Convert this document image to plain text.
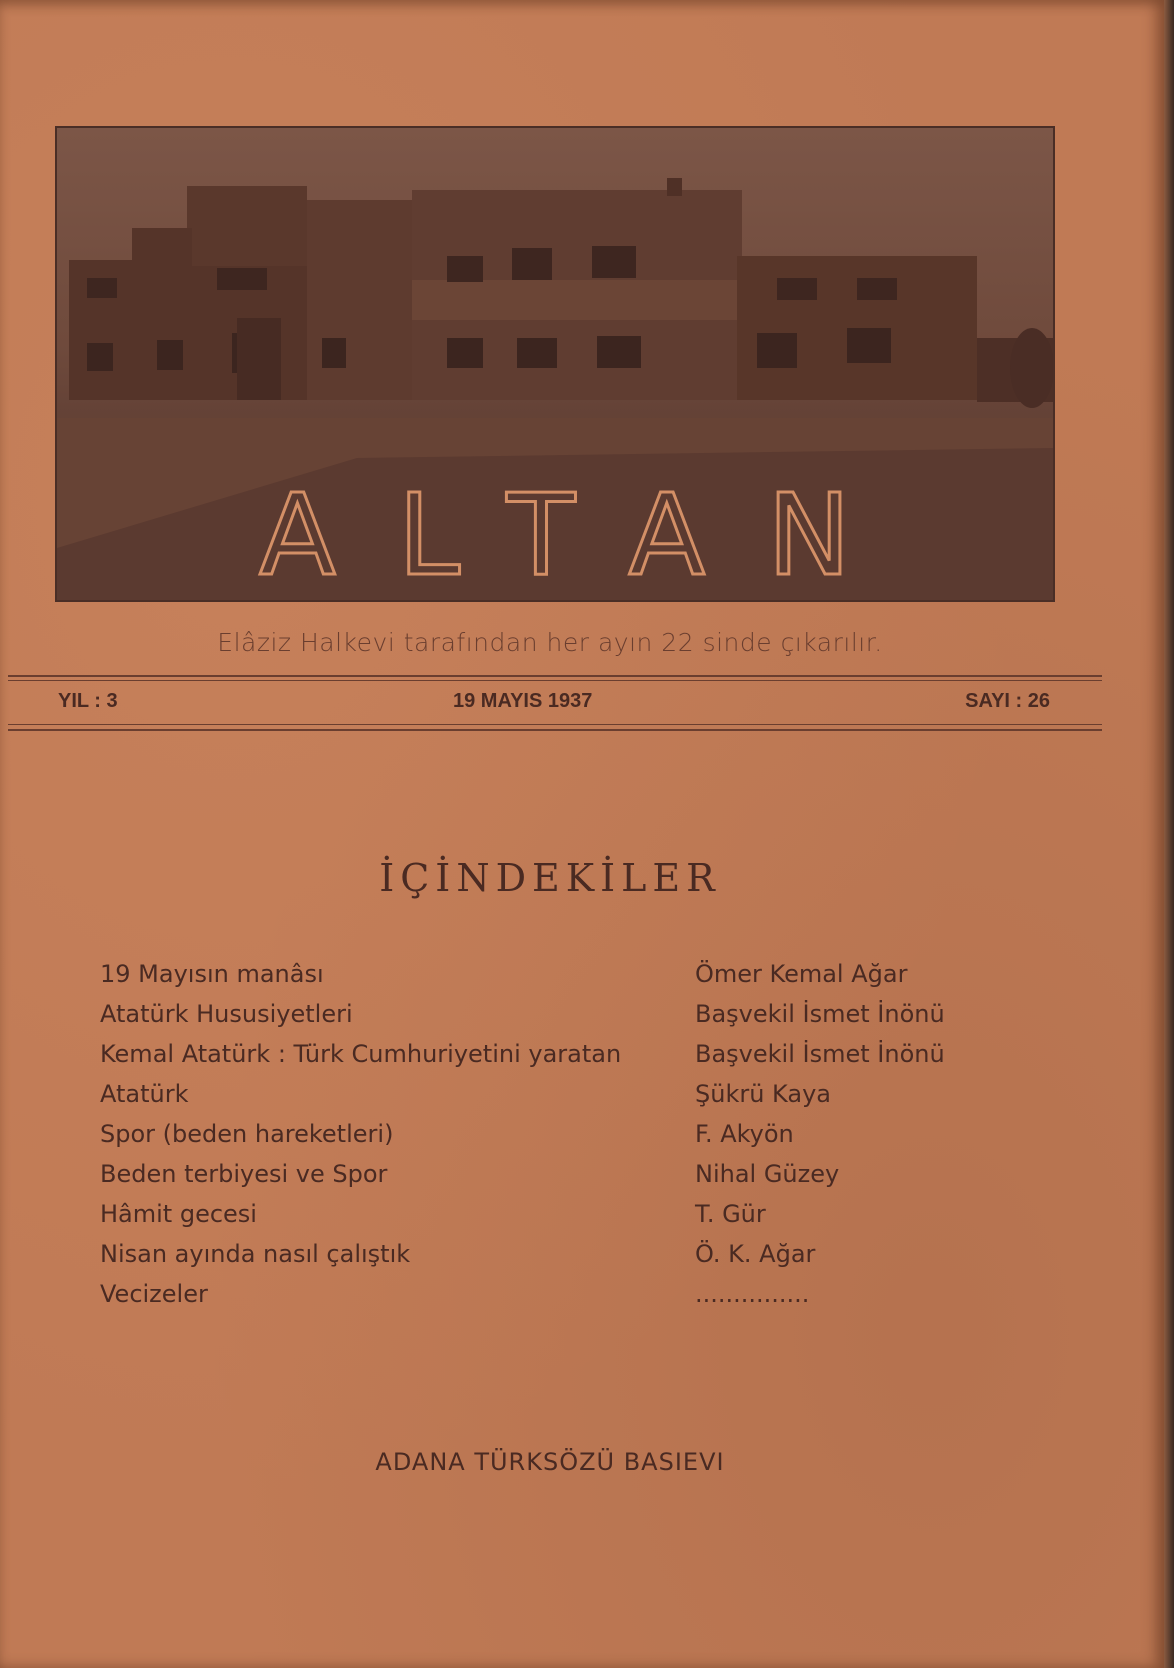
ALTAN
Elâziz Halkevi tarafından her ayın 22 sinde çıkarılır.
YIL : 3	19 MAYIS 1937	SAYI : 26
İÇİNDEKİLER
19 Mayısın manâsı	Ömer Kemal Ağar
Atatürk Hususiyetleri	Başvekil İsmet İnönü
Kemal Atatürk : Türk Cumhuriyetini yaratan	Başvekil İsmet İnönü
Atatürk	Şükrü Kaya
Spor (beden hareketleri)	F. Akyön
Beden terbiyesi ve Spor	Nihal Güzey
Hâmit gecesi	T. Gür
Nisan ayında nasıl çalıştık	Ö. K. Ağar
Vecizeler	...............
ADANA TÜRKSÖZÜ BASIEVI
